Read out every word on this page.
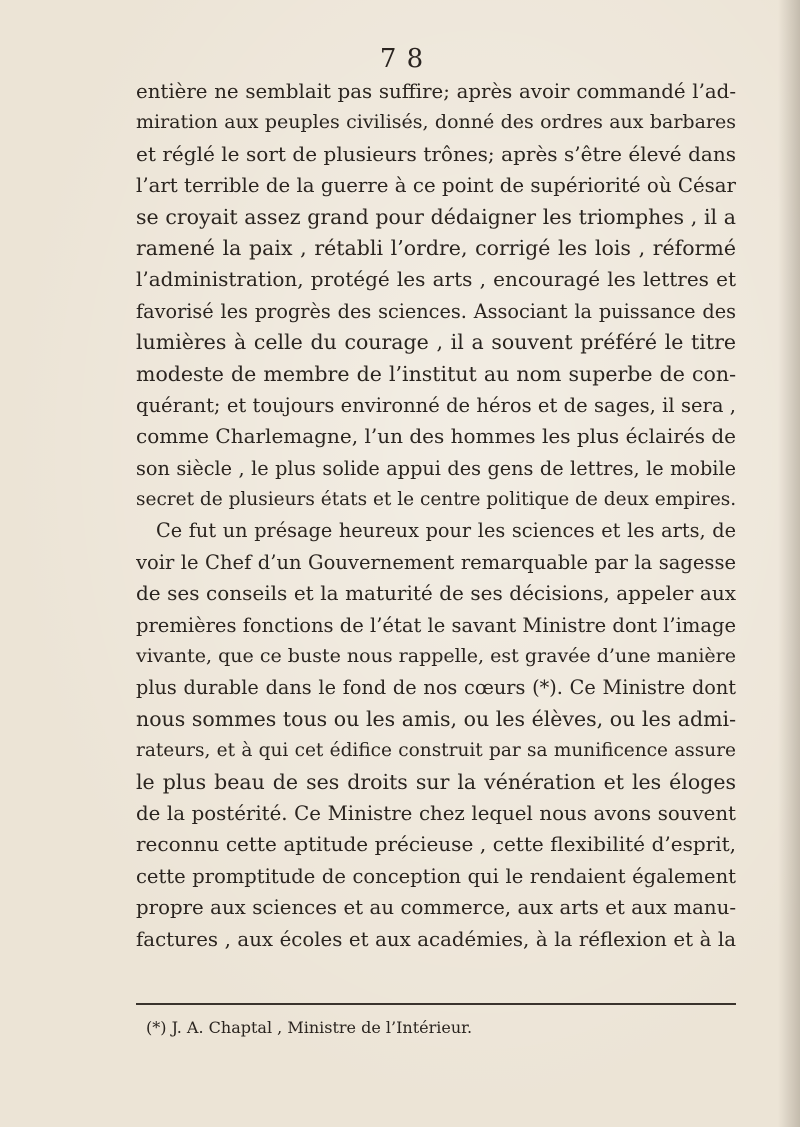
7 8
entière ne semblait pas suffire; après avoir commandé l’ad-
miration aux peuples civilisés, donné des ordres aux barbares
et réglé le sort de plusieurs trônes; après s’être élevé dans
l’art terrible de la guerre à ce point de supériorité où César
se croyait assez grand pour dédaigner les triomphes , il a
ramené la paix , rétabli l’ordre, corrigé les lois , réformé
l’administration, protégé les arts , encouragé les lettres et
favorisé les progrès des sciences. Associant la puissance des
lumières à celle du courage , il a souvent préféré le titre
modeste de membre de l’institut au nom superbe de con-
quérant; et toujours environné de héros et de sages, il sera ,
comme Charlemagne, l’un des hommes les plus éclairés de
son siècle , le plus solide appui des gens de lettres, le mobile
secret de plusieurs états et le centre politique de deux empires.
Ce fut un présage heureux pour les sciences et les arts, de
voir le Chef d’un Gouvernement remarquable par la sagesse
de ses conseils et la maturité de ses décisions, appeler aux
premières fonctions de l’état le savant Ministre dont l’image
vivante, que ce buste nous rappelle, est gravée d’une manière
plus durable dans le fond de nos cœurs (*). Ce Ministre dont
nous sommes tous ou les amis, ou les élèves, ou les admi-
rateurs, et à qui cet édifice construit par sa munificence assure
le plus beau de ses droits sur la vénération et les éloges
de la postérité. Ce Ministre chez lequel nous avons souvent
reconnu cette aptitude précieuse , cette flexibilité d’esprit,
cette promptitude de conception qui le rendaient également
propre aux sciences et au commerce, aux arts et aux manu-
factures , aux écoles et aux académies, à la réflexion et à la
(*) J. A. Chaptal , Ministre de l’Intérieur.
